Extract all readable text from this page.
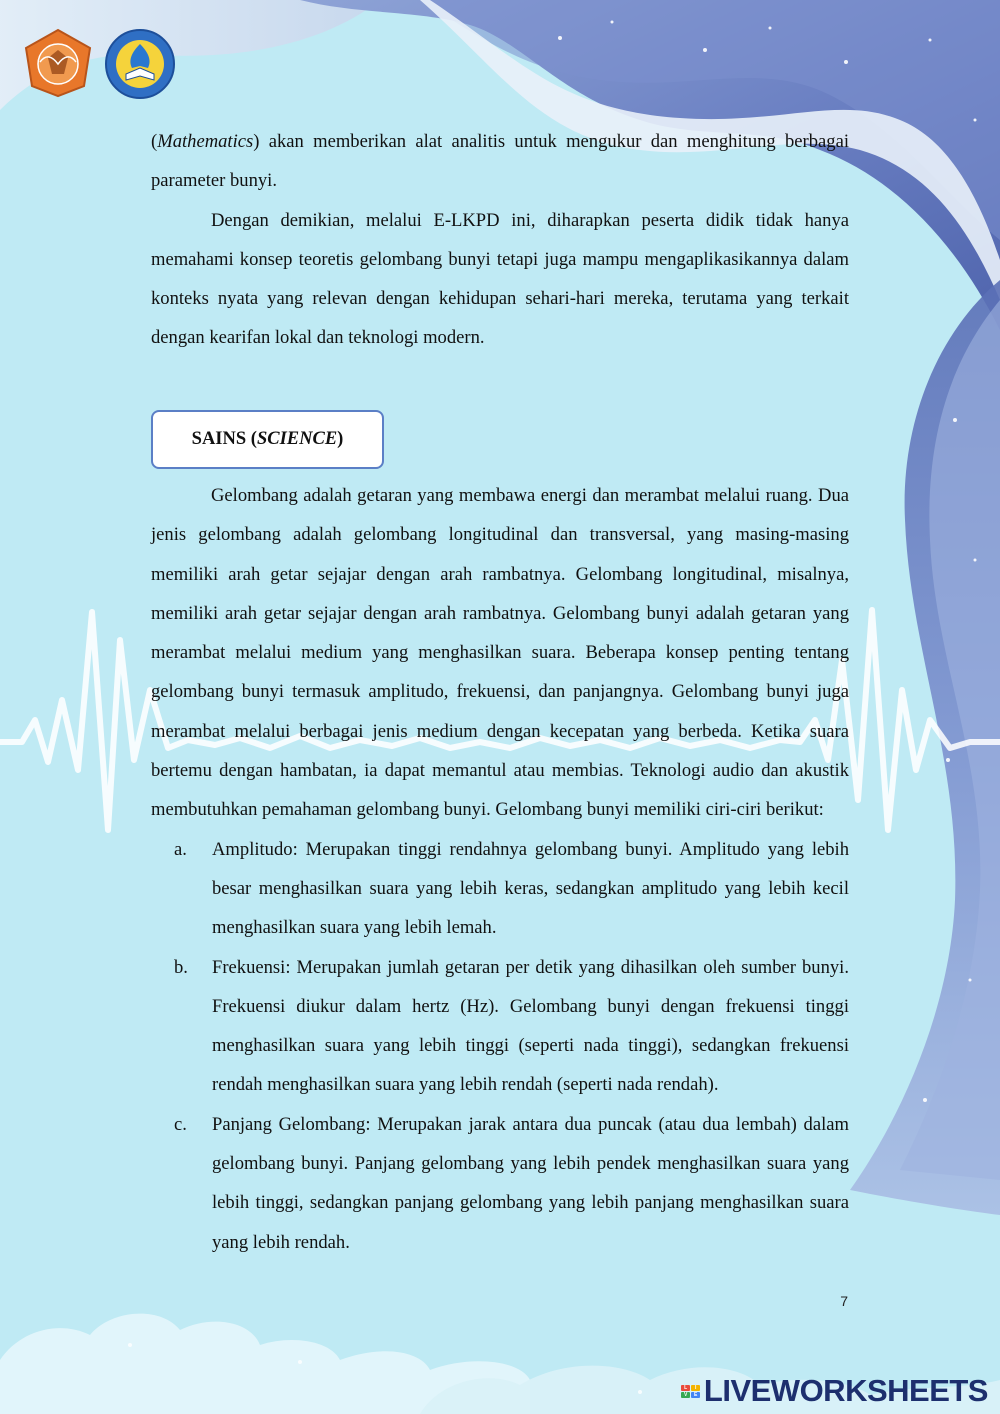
(Mathematics) akan memberikan alat analitis untuk mengukur dan menghitung berbagai parameter bunyi.

Dengan demikian, melalui E-LKPD ini, diharapkan peserta didik tidak hanya memahami konsep teoretis gelombang bunyi tetapi juga mampu mengaplikasikannya dalam konteks nyata yang relevan dengan kehidupan sehari-hari mereka, terutama yang terkait dengan kearifan lokal dan teknologi modern.

SAINS (SCIENCE)

Gelombang adalah getaran yang membawa energi dan merambat melalui ruang. Dua jenis gelombang adalah gelombang longitudinal dan transversal, yang masing-masing memiliki arah getar sejajar dengan arah rambatnya. Gelombang longitudinal, misalnya, memiliki arah getar sejajar dengan arah rambatnya. Gelombang bunyi adalah getaran yang merambat melalui medium yang menghasilkan suara. Beberapa konsep penting tentang gelombang bunyi termasuk amplitudo, frekuensi, dan panjangnya. Gelombang bunyi juga merambat melalui berbagai jenis medium dengan kecepatan yang berbeda. Ketika suara bertemu dengan hambatan, ia dapat memantul atau membias. Teknologi audio dan akustik membutuhkan pemahaman gelombang bunyi. Gelombang bunyi memiliki ciri-ciri berikut:

a. Amplitudo: Merupakan tinggi rendahnya gelombang bunyi. Amplitudo yang lebih besar menghasilkan suara yang lebih keras, sedangkan amplitudo yang lebih kecil menghasilkan suara yang lebih lemah.
b. Frekuensi: Merupakan jumlah getaran per detik yang dihasilkan oleh sumber bunyi. Frekuensi diukur dalam hertz (Hz). Gelombang bunyi dengan frekuensi tinggi menghasilkan suara yang lebih tinggi (seperti nada tinggi), sedangkan frekuensi rendah menghasilkan suara yang lebih rendah (seperti nada rendah).
c. Panjang Gelombang: Merupakan jarak antara dua puncak (atau dua lembah) dalam gelombang bunyi. Panjang gelombang yang lebih pendek menghasilkan suara yang lebih tinggi, sedangkan panjang gelombang yang lebih panjang menghasilkan suara yang lebih rendah.
7
L	I
V	E LIVEWORKSHEETS
